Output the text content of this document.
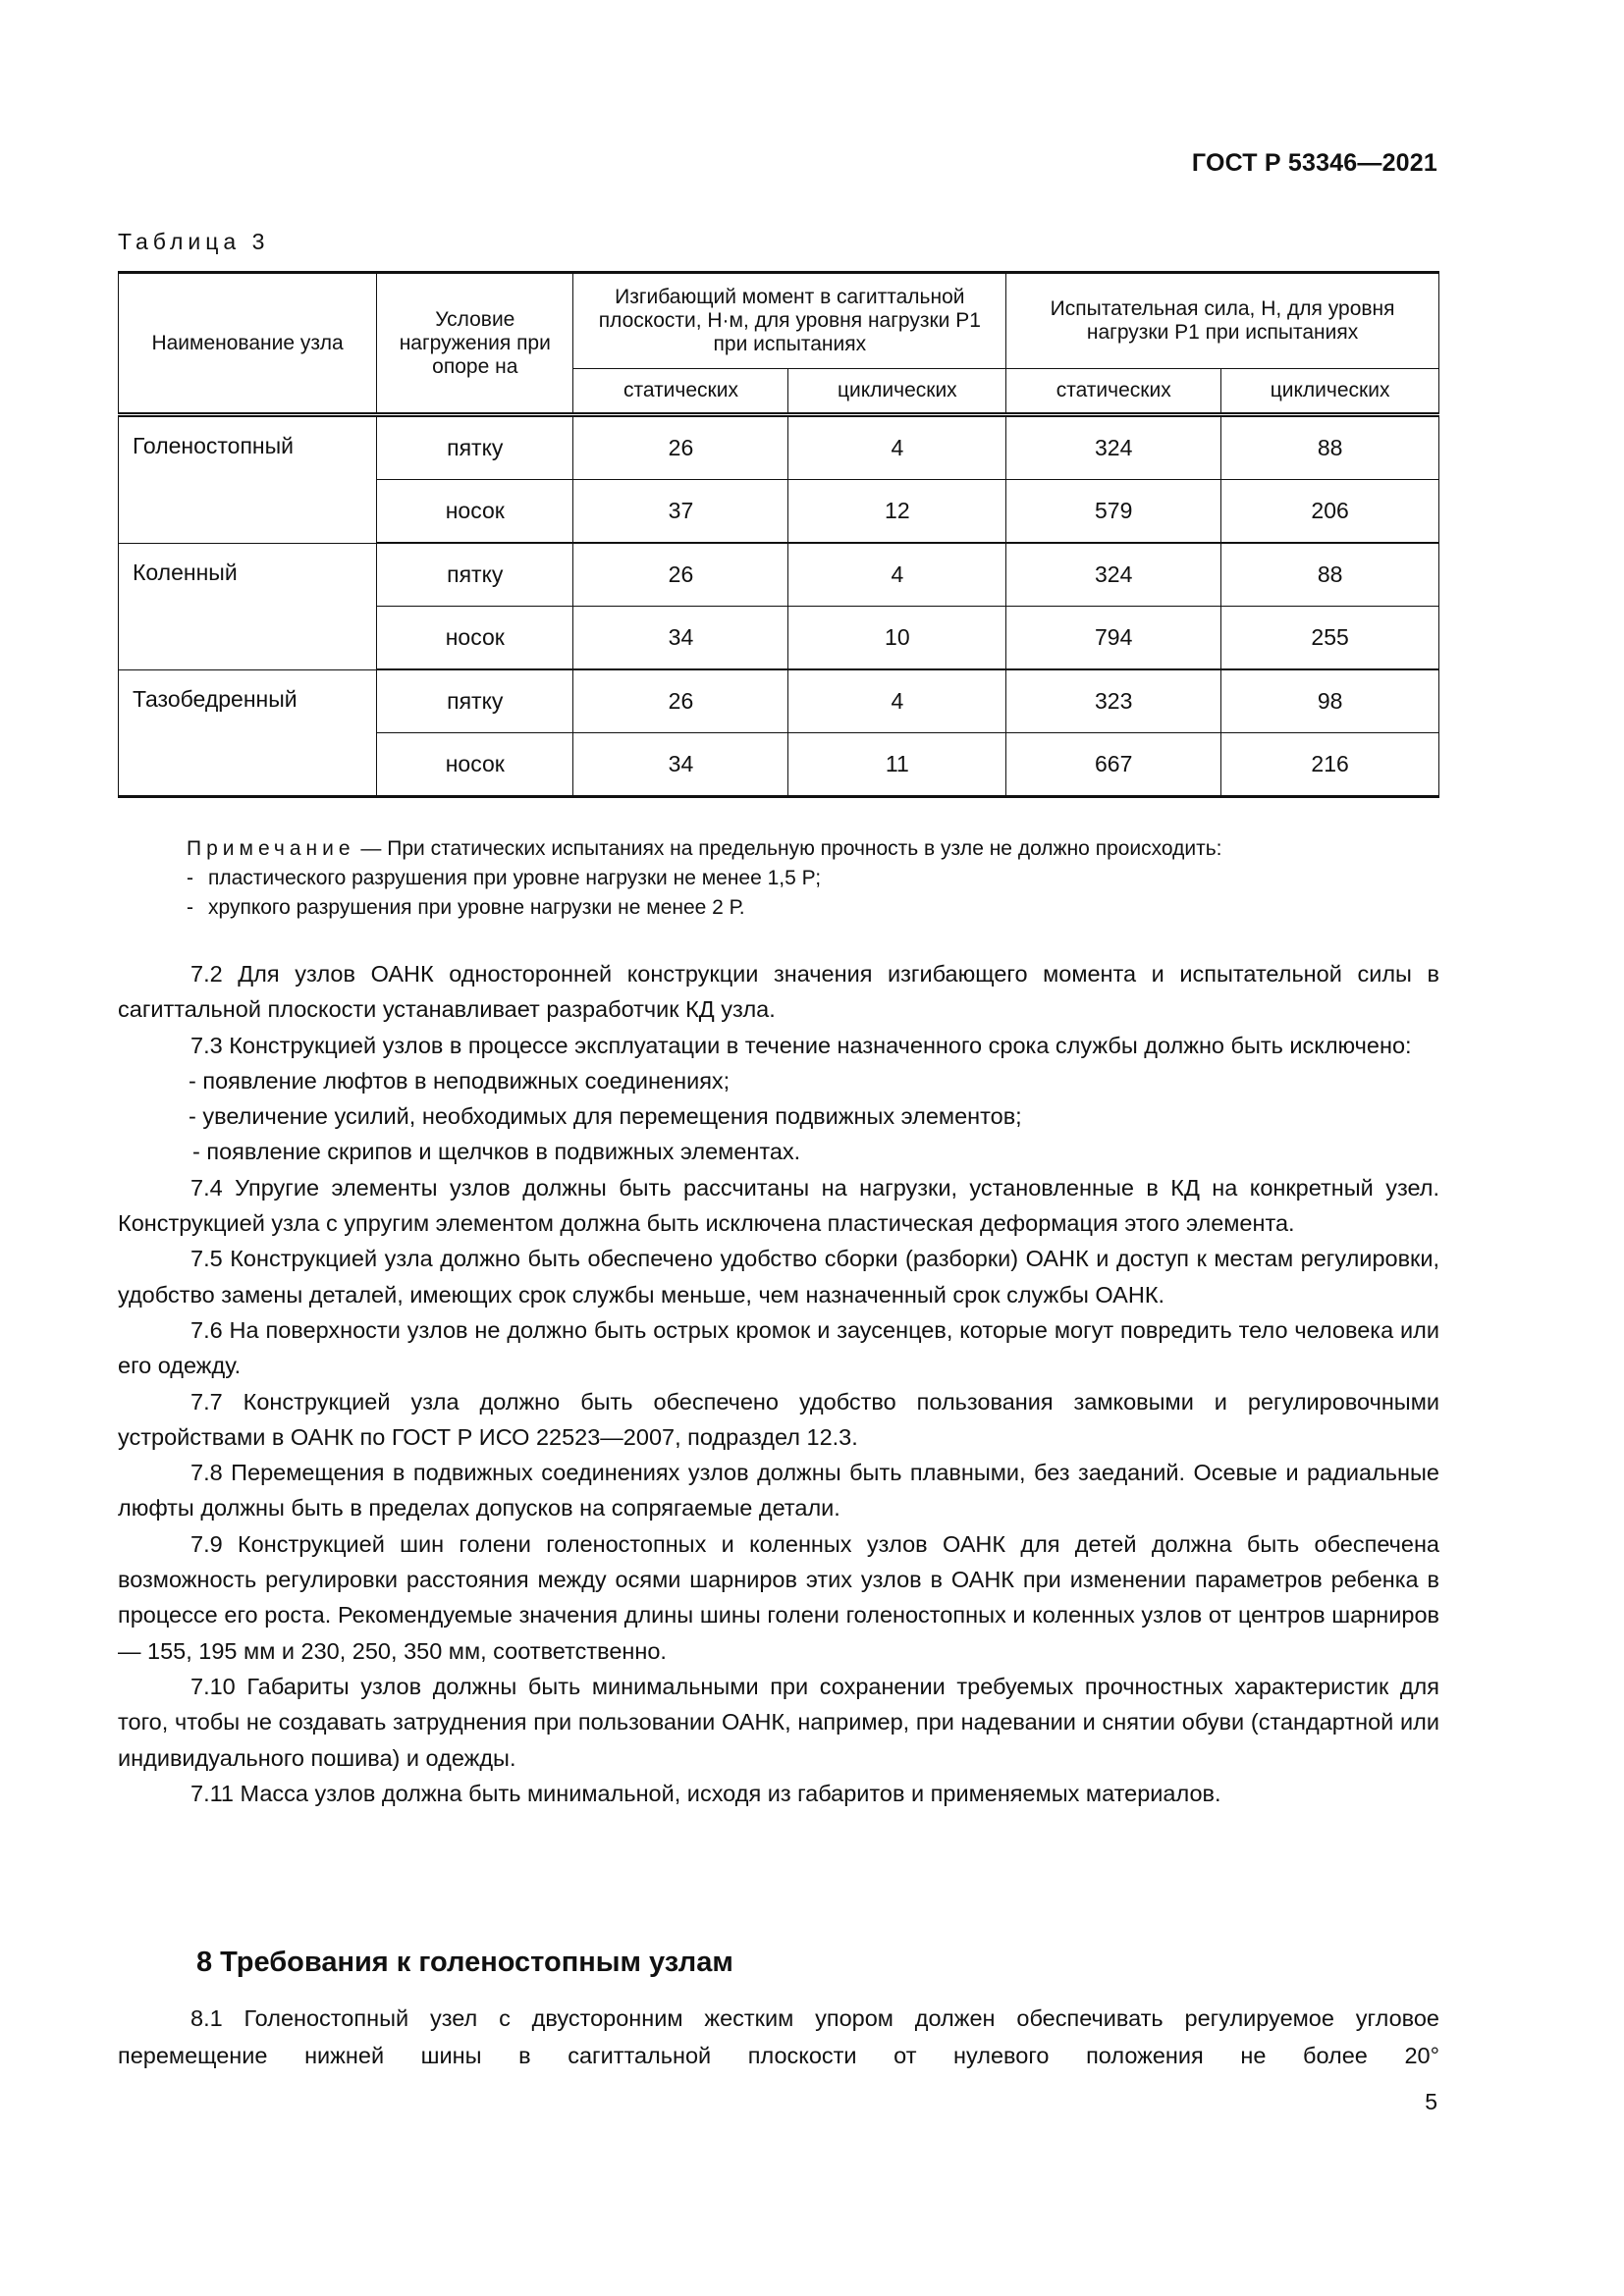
ГОСТ Р 53346—2021
Таблица 3
Наименование узла	Условие нагружения при опоре на	Изгибающий момент в сагиттальной плоскости, Н·м, для уровня нагрузки Р1 при испытаниях		Испытательная сила, Н, для уровня нагрузки Р1 при испытаниях	
		статических	циклических	статических	циклических
Голеностопный	пятку	26	4	324	88
	носок	37	12	579	206
Коленный	пятку	26	4	324	88
	носок	34	10	794	255
Тазобедренный	пятку	26	4	323	98
	носок	34	11	667	216
Примечание — При статических испытаниях на предельную прочность в узле не должно происходить:
- пластического разрушения при уровне нагрузки не менее 1,5 Р;
- хрупкого разрушения при уровне нагрузки не менее 2 Р.

7.2 Для узлов ОАНК односторонней конструкции значения изгибающего момента и испытательной силы в сагиттальной плоскости устанавливает разработчик КД узла.

7.3 Конструкцией узлов в процессе эксплуатации в течение назначенного срока службы должно быть исключено:

- появление люфтов в неподвижных соединениях;

- увеличение усилий, необходимых для перемещения подвижных элементов;

- появление скрипов и щелчков в подвижных элементах.

7.4 Упругие элементы узлов должны быть рассчитаны на нагрузки, установленные в КД на конкретный узел. Конструкцией узла с упругим элементом должна быть исключена пластическая деформация этого элемента.

7.5 Конструкцией узла должно быть обеспечено удобство сборки (разборки) ОАНК и доступ к местам регулировки, удобство замены деталей, имеющих срок службы меньше, чем назначенный срок службы ОАНК.

7.6 На поверхности узлов не должно быть острых кромок и заусенцев, которые могут повредить тело человека или его одежду.

7.7 Конструкцией узла должно быть обеспечено удобство пользования замковыми и регулировочными устройствами в ОАНК по ГОСТ Р ИСО 22523—2007, подраздел 12.3.

7.8 Перемещения в подвижных соединениях узлов должны быть плавными, без заеданий. Осевые и радиальные люфты должны быть в пределах допусков на сопрягаемые детали.

7.9 Конструкцией шин голени голеностопных и коленных узлов ОАНК для детей должна быть обеспечена возможность регулировки расстояния между осями шарниров этих узлов в ОАНК при изменении параметров ребенка в процессе его роста. Рекомендуемые значения длины шины голени голеностопных и коленных узлов от центров шарниров — 155, 195 мм и 230, 250, 350 мм, соответственно.

7.10 Габариты узлов должны быть минимальными при сохранении требуемых прочностных характеристик для того, чтобы не создавать затруднения при пользовании ОАНК, например, при надевании и снятии обуви (стандартной или индивидуального пошива) и одежды.

7.11 Масса узлов должна быть минимальной, исходя из габаритов и применяемых материалов.

8 Требования к голеностопным узлам

8.1 Голеностопный узел с двусторонним жестким упором должен обеспечивать регулируемое угловое перемещение нижней шины в сагиттальной плоскости от нулевого положения не более 20°

5
